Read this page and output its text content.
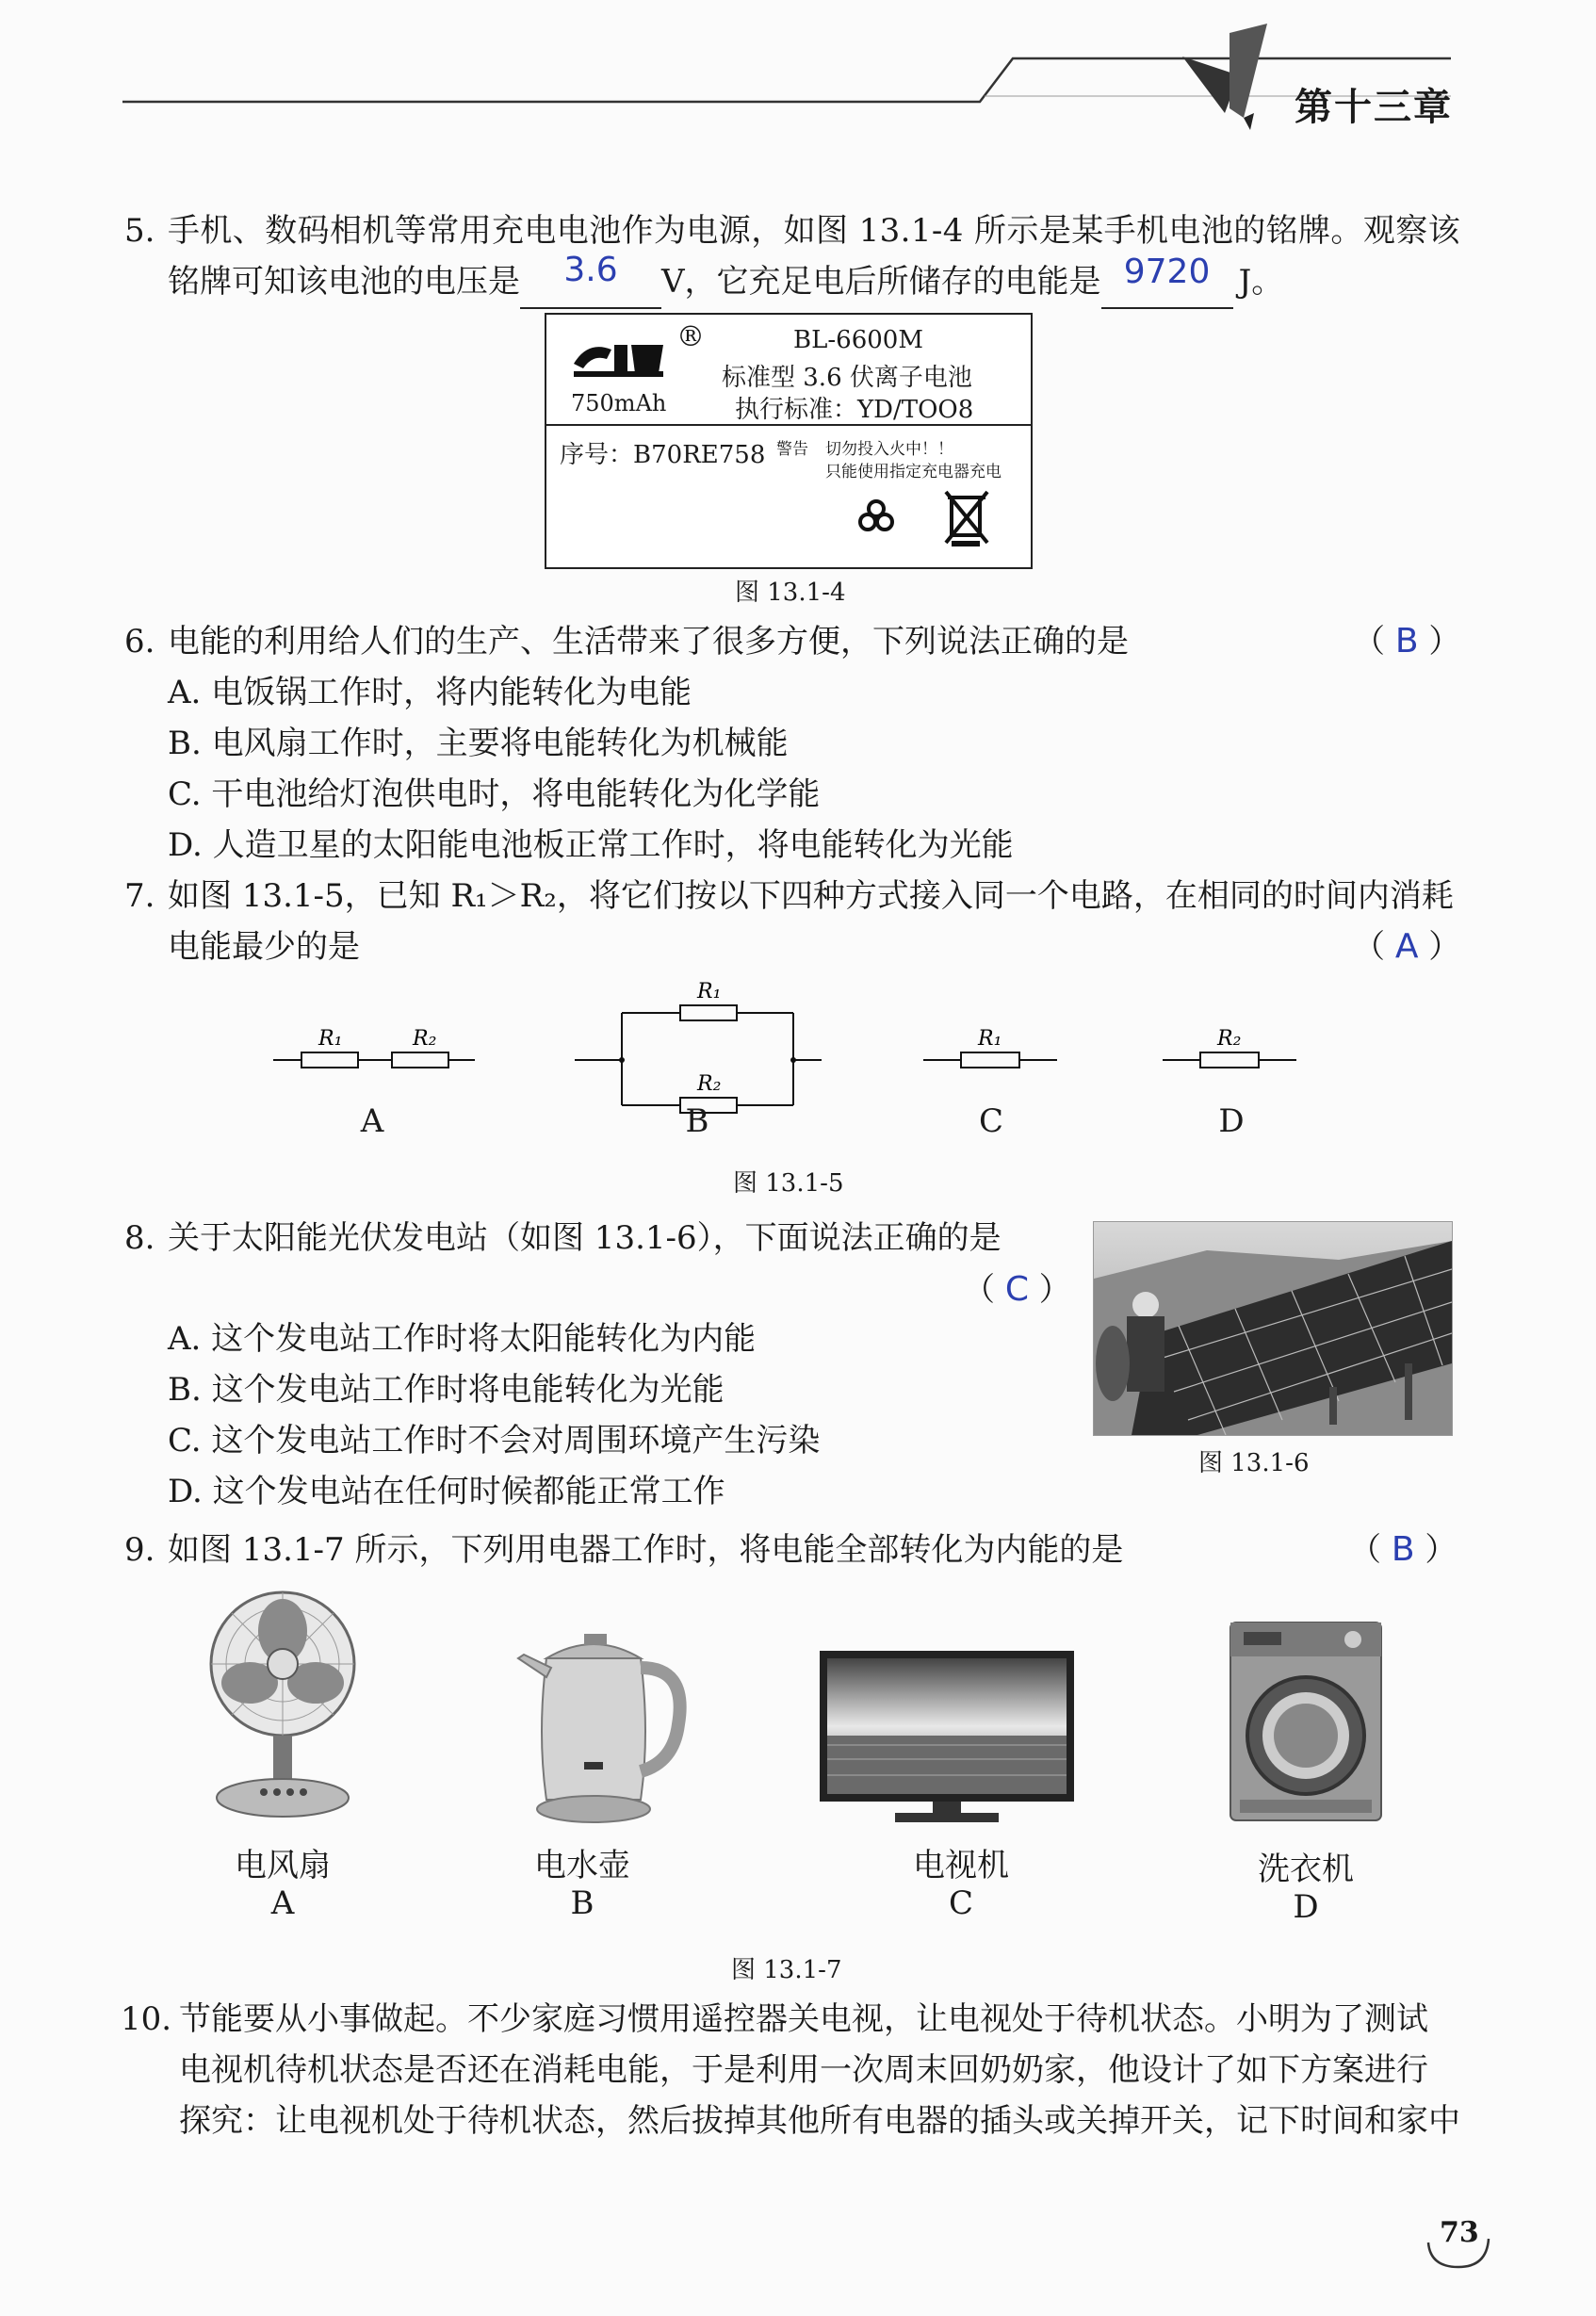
第十三章
5. 手机、数码相机等常用充电电池作为电源，如图 13.1-4 所示是某手机电池的铭牌。观察该
铭牌可知该电池的电压是 3.6 V，它充足电后所储存的电能是 9720 J。
®	BL-6600M
标准型 3.6 伏离子电池
执行标准：YD/TOO8
750mAh
序号：B70RE758 警告 切勿投入火中！！
只能使用指定充电器充电
图 13.1-4
6. 电能的利用给人们的生产、生活带来了很多方便，下列说法正确的是	（ B ）
A. 电饭锅工作时，将内能转化为电能
B. 电风扇工作时，主要将电能转化为机械能
C. 干电池给灯泡供电时，将电能转化为化学能
D. 人造卫星的太阳能电池板正常工作时，将电能转化为光能
7. 如图 13.1-5，已知 R₁＞R₂，将它们按以下四种方式接入同一个电路，在相同的时间内消耗
电能最少的是	（ A ）
R₁	R₂
R₁
R₂
R₁	R₂
A	B	C	D
图 13.1-5
8. 关于太阳能光伏发电站（如图 13.1-6），下面说法正确的是
（ C ）
A. 这个发电站工作时将太阳能转化为内能
B. 这个发电站工作时将电能转化为光能
C. 这个发电站工作时不会对周围环境产生污染
D. 这个发电站在任何时候都能正常工作
图 13.1-6
9. 如图 13.1-7 所示，下列用电器工作时，将电能全部转化为内能的是	（ B ）
电风扇
A
电水壶
B
电视机
C
洗衣机
D
图 13.1-7
10. 节能要从小事做起。不少家庭习惯用遥控器关电视，让电视处于待机状态。小明为了测试
电视机待机状态是否还在消耗电能，于是利用一次周末回奶奶家，他设计了如下方案进行
探究：让电视机处于待机状态，然后拔掉其他所有电器的插头或关掉开关，记下时间和家中
73
